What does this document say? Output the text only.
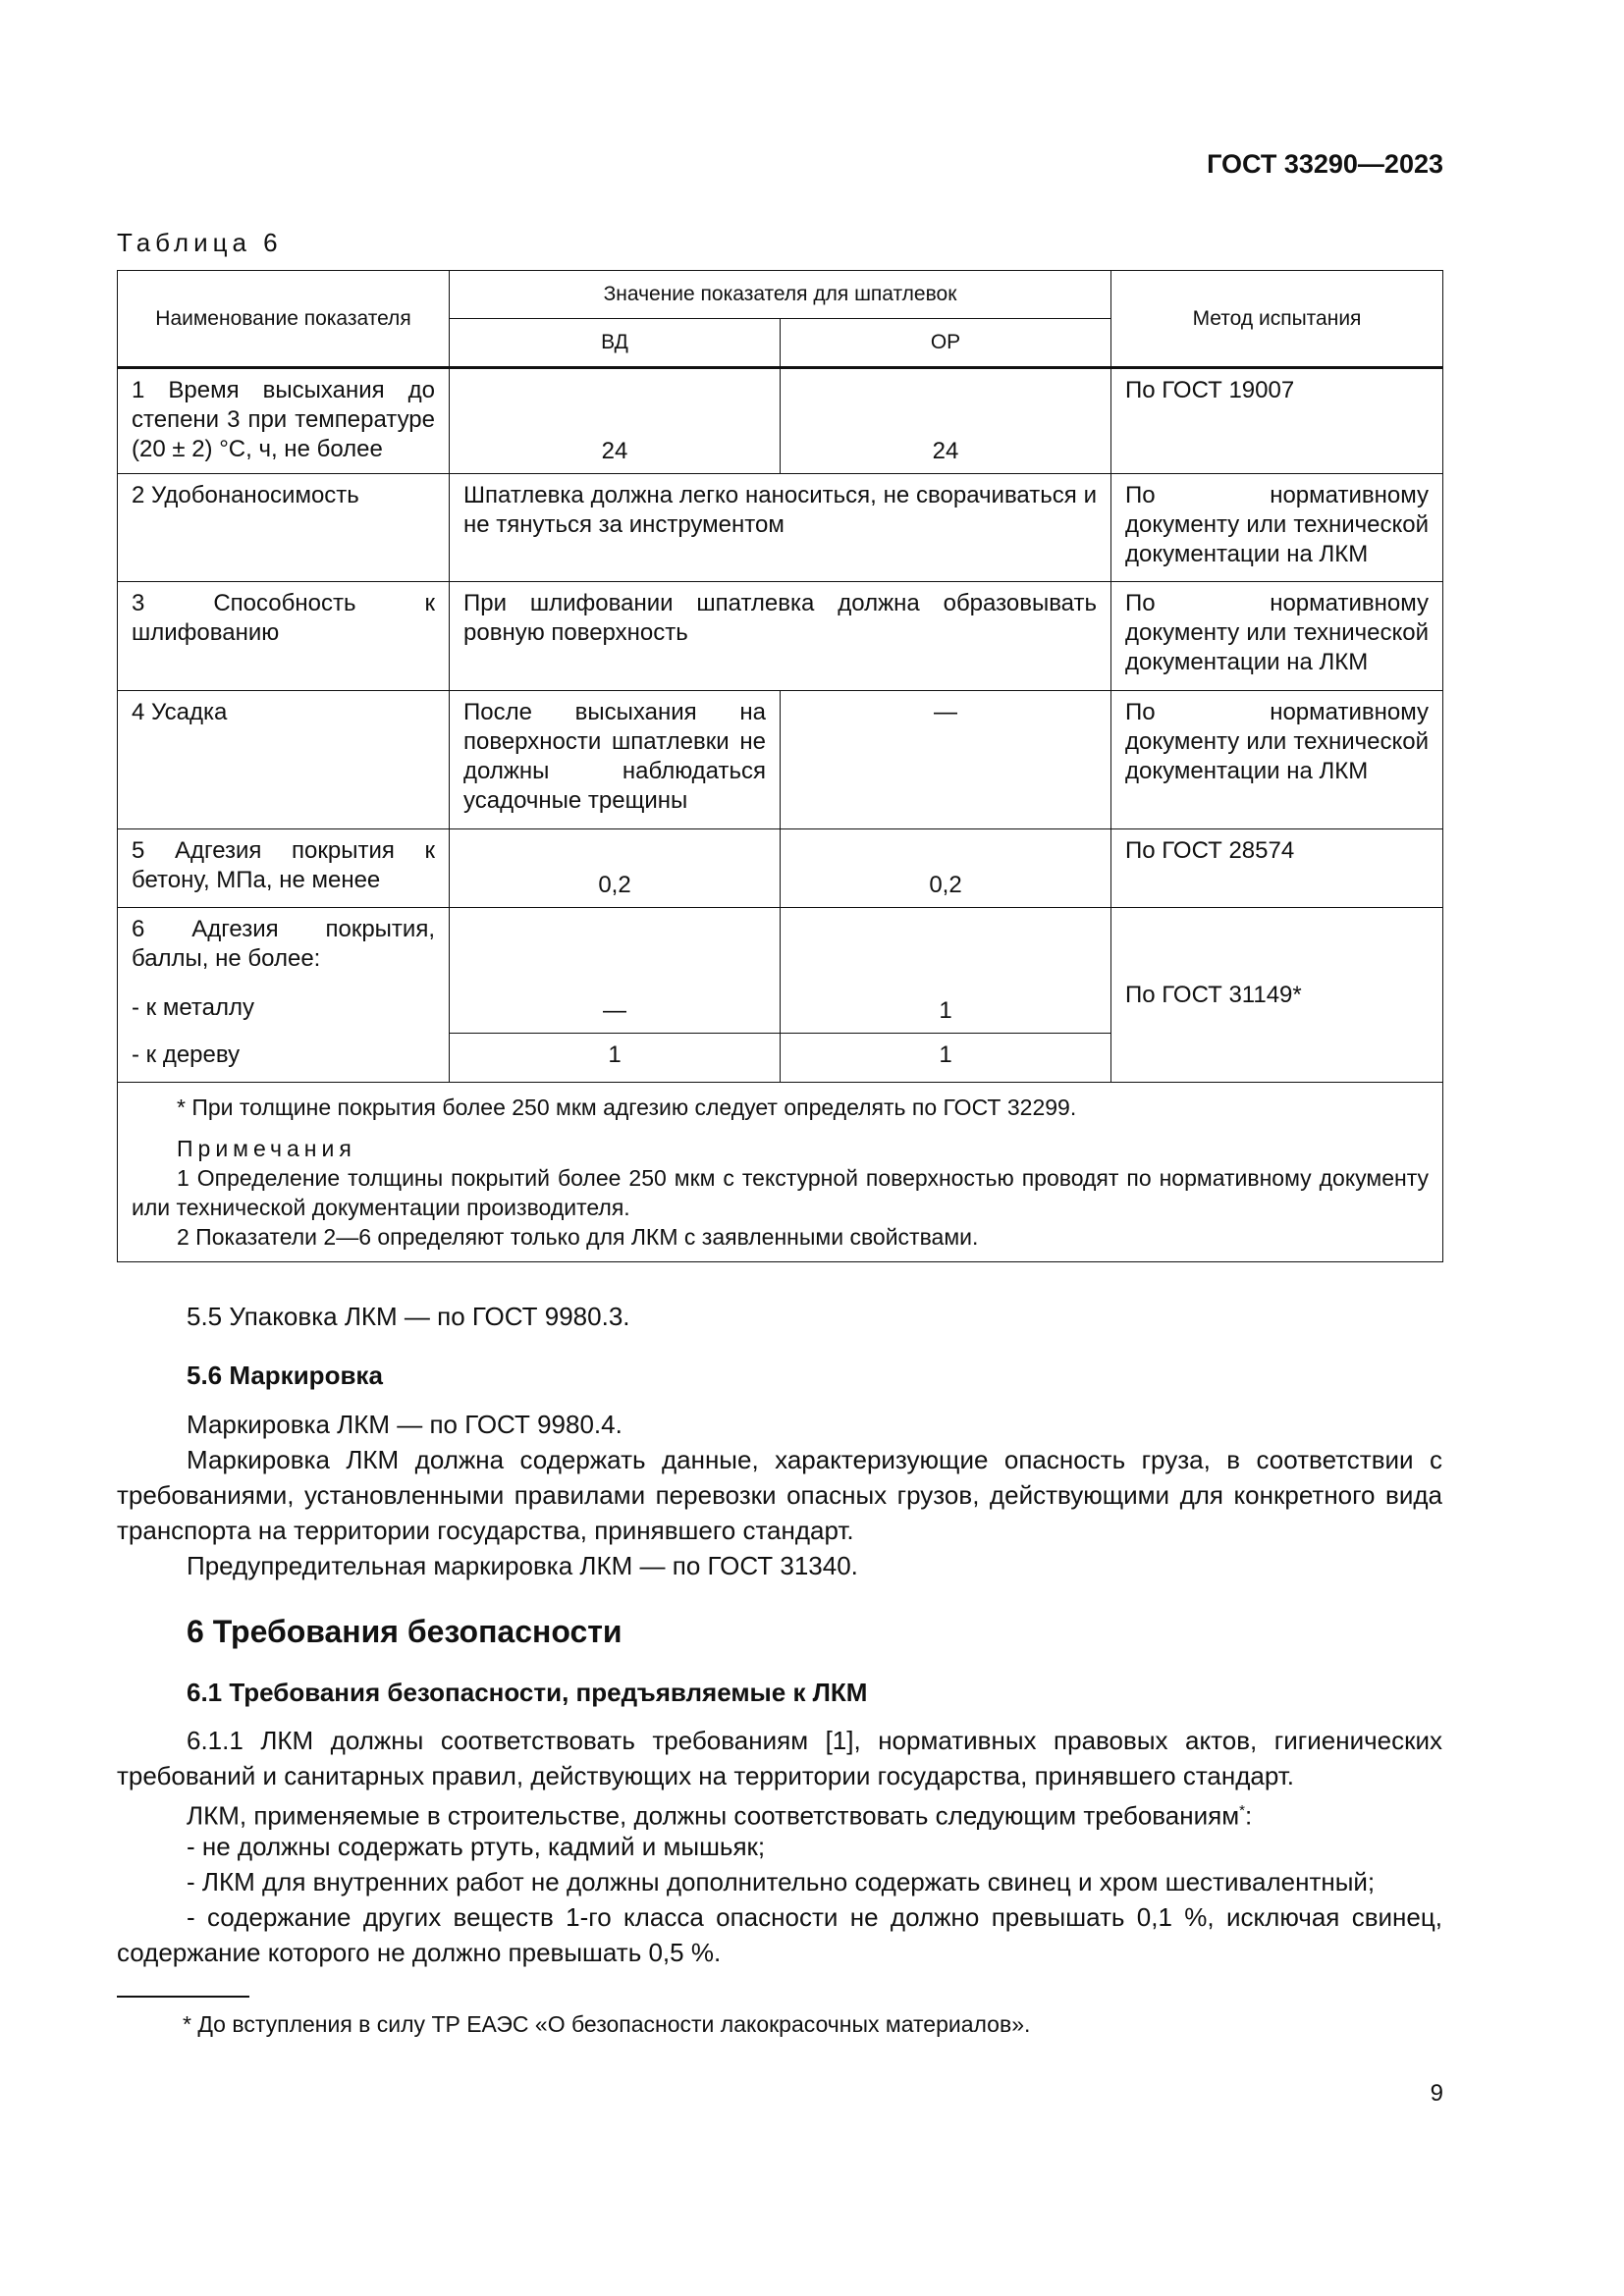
ГОСТ 33290—2023
Таблица 6
Наименование показателя	Значение показателя для шпатлевок		Метод испытания
	ВД	ОР	
1 Время высыхания до степени 3 при температуре (20 ± 2) °С, ч, не более	24	24	По ГОСТ 19007
2 Удобонаносимость	Шпатлевка должна легко наноситься, не сворачиваться и не тянуться за инструментом		По нормативному документу или технической документации на ЛКМ
3 Способность к шлифованию	При шлифовании шпатлевка должна образовывать ровную поверхность		По нормативному документу или технической документации на ЛКМ
4 Усадка	После высыхания на поверхности шпатлевки не должны наблюдаться усадочные трещины	—	По нормативному документу или технической документации на ЛКМ
5 Адгезия покрытия к бетону, МПа, не менее	0,2	0,2	По ГОСТ 28574

6 Адгезия покрытия, баллы, не более:
- к металлу	—	1	По ГОСТ 31149*
- к дереву	1	1	

* При толщине покрытия более 250 мкм адгезию следует определять по ГОСТ 32299.
Примечания
1 Определение толщины покрытий более 250 мкм с текстурной поверхностью проводят по нормативному документу или технической документации производителя.
2 Показатели 2—6 определяют только для ЛКМ с заявленными свойствами.			
5.5 Упаковка ЛКМ — по ГОСТ 9980.3.
5.6 Маркировка
Маркировка ЛКМ — по ГОСТ 9980.4.
Маркировка ЛКМ должна содержать данные, характеризующие опасность груза, в соответствии с требованиями, установленными правилами перевозки опасных грузов, действующими для конкретного вида транспорта на территории государства, принявшего стандарт.
Предупредительная маркировка ЛКМ — по ГОСТ 31340.
6 Требования безопасности
6.1 Требования безопасности, предъявляемые к ЛКМ
6.1.1 ЛКМ должны соответствовать требованиям [1], нормативных правовых актов, гигиенических требований и санитарных правил, действующих на территории государства, принявшего стандарт.
ЛКМ, применяемые в строительстве, должны соответствовать следующим требованиям*:
- не должны содержать ртуть, кадмий и мышьяк;
- ЛКМ для внутренних работ не должны дополнительно содержать свинец и хром шестивалентный;
- содержание других веществ 1-го класса опасности не должно превышать 0,1 %, исключая свинец, содержание которого не должно превышать 0,5 %.
* До вступления в силу ТР ЕАЭС «О безопасности лакокрасочных материалов».
9
